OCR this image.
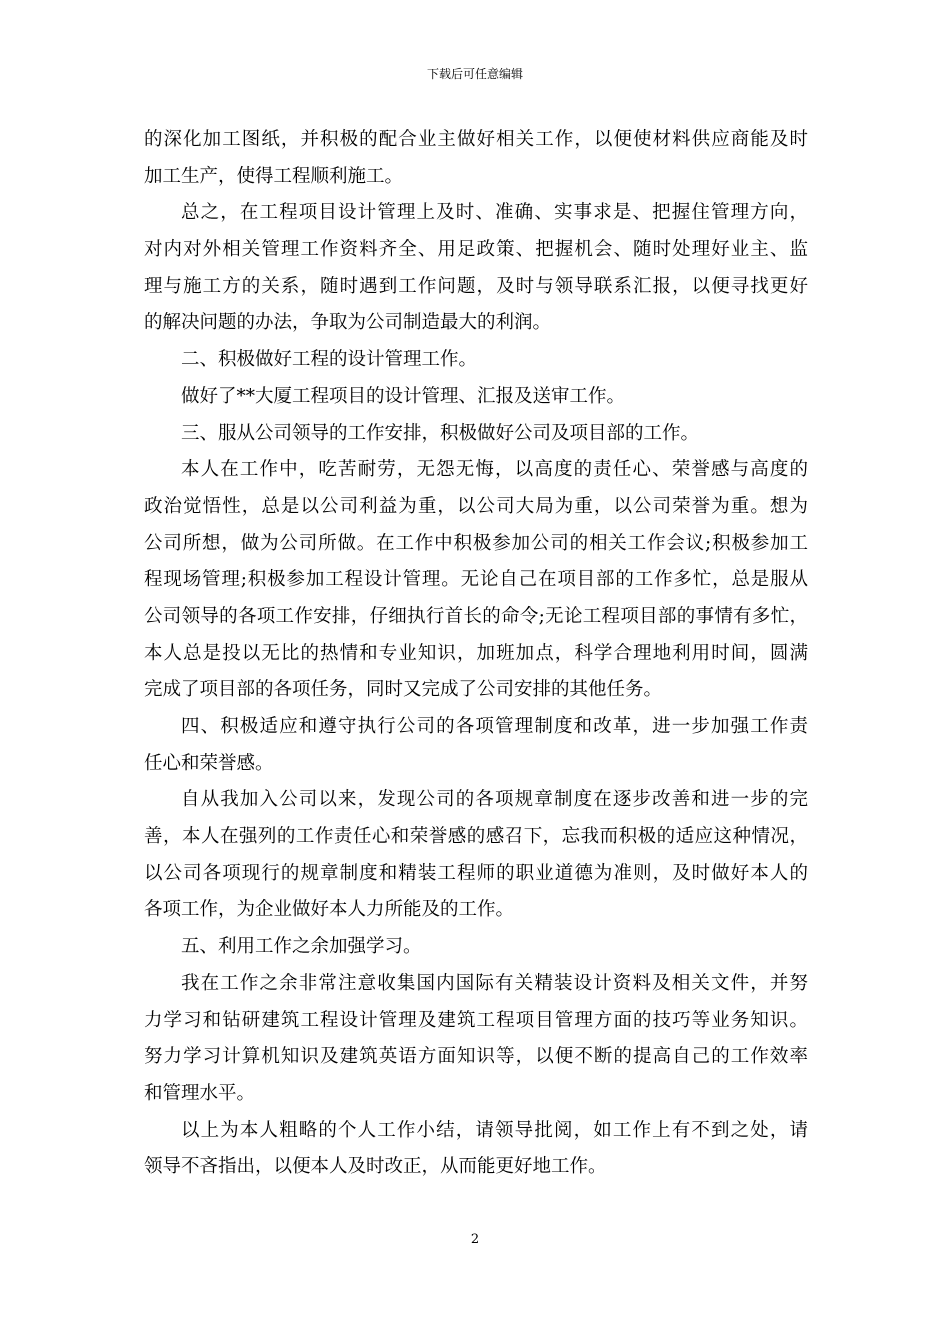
下载后可任意编辑
的深化加工图纸，并积极的配合业主做好相关工作，以便使材料供应商能及时
加工生产，使得工程顺利施工。
总之，在工程项目设计管理上及时、准确、实事求是、把握住管理方向，
对内对外相关管理工作资料齐全、用足政策、把握机会、随时处理好业主、监
理与施工方的关系，随时遇到工作问题，及时与领导联系汇报，以便寻找更好
的解决问题的办法，争取为公司制造最大的利润。
二、积极做好工程的设计管理工作。
做好了**大厦工程项目的设计管理、汇报及送审工作。
三、服从公司领导的工作安排，积极做好公司及项目部的工作。
本人在工作中，吃苦耐劳，无怨无悔，以高度的责任心、荣誉感与高度的
政治觉悟性，总是以公司利益为重，以公司大局为重，以公司荣誉为重。想为
公司所想，做为公司所做。在工作中积极参加公司的相关工作会议;积极参加工
程现场管理;积极参加工程设计管理。无论自己在项目部的工作多忙，总是服从
公司领导的各项工作安排，仔细执行首长的命令;无论工程项目部的事情有多忙，
本人总是投以无比的热情和专业知识，加班加点，科学合理地利用时间，圆满
完成了项目部的各项任务，同时又完成了公司安排的其他任务。
四、积极适应和遵守执行公司的各项管理制度和改革，进一步加强工作责
任心和荣誉感。
自从我加入公司以来，发现公司的各项规章制度在逐步改善和进一步的完
善，本人在强列的工作责任心和荣誉感的感召下，忘我而积极的适应这种情况，
以公司各项现行的规章制度和精装工程师的职业道德为准则，及时做好本人的
各项工作，为企业做好本人力所能及的工作。
五、利用工作之余加强学习。
我在工作之余非常注意收集国内国际有关精装设计资料及相关文件，并努
力学习和钻研建筑工程设计管理及建筑工程项目管理方面的技巧等业务知识。
努力学习计算机知识及建筑英语方面知识等，以便不断的提高自己的工作效率
和管理水平。
以上为本人粗略的个人工作小结，请领导批阅，如工作上有不到之处，请
领导不吝指出，以便本人及时改正，从而能更好地工作。
2
